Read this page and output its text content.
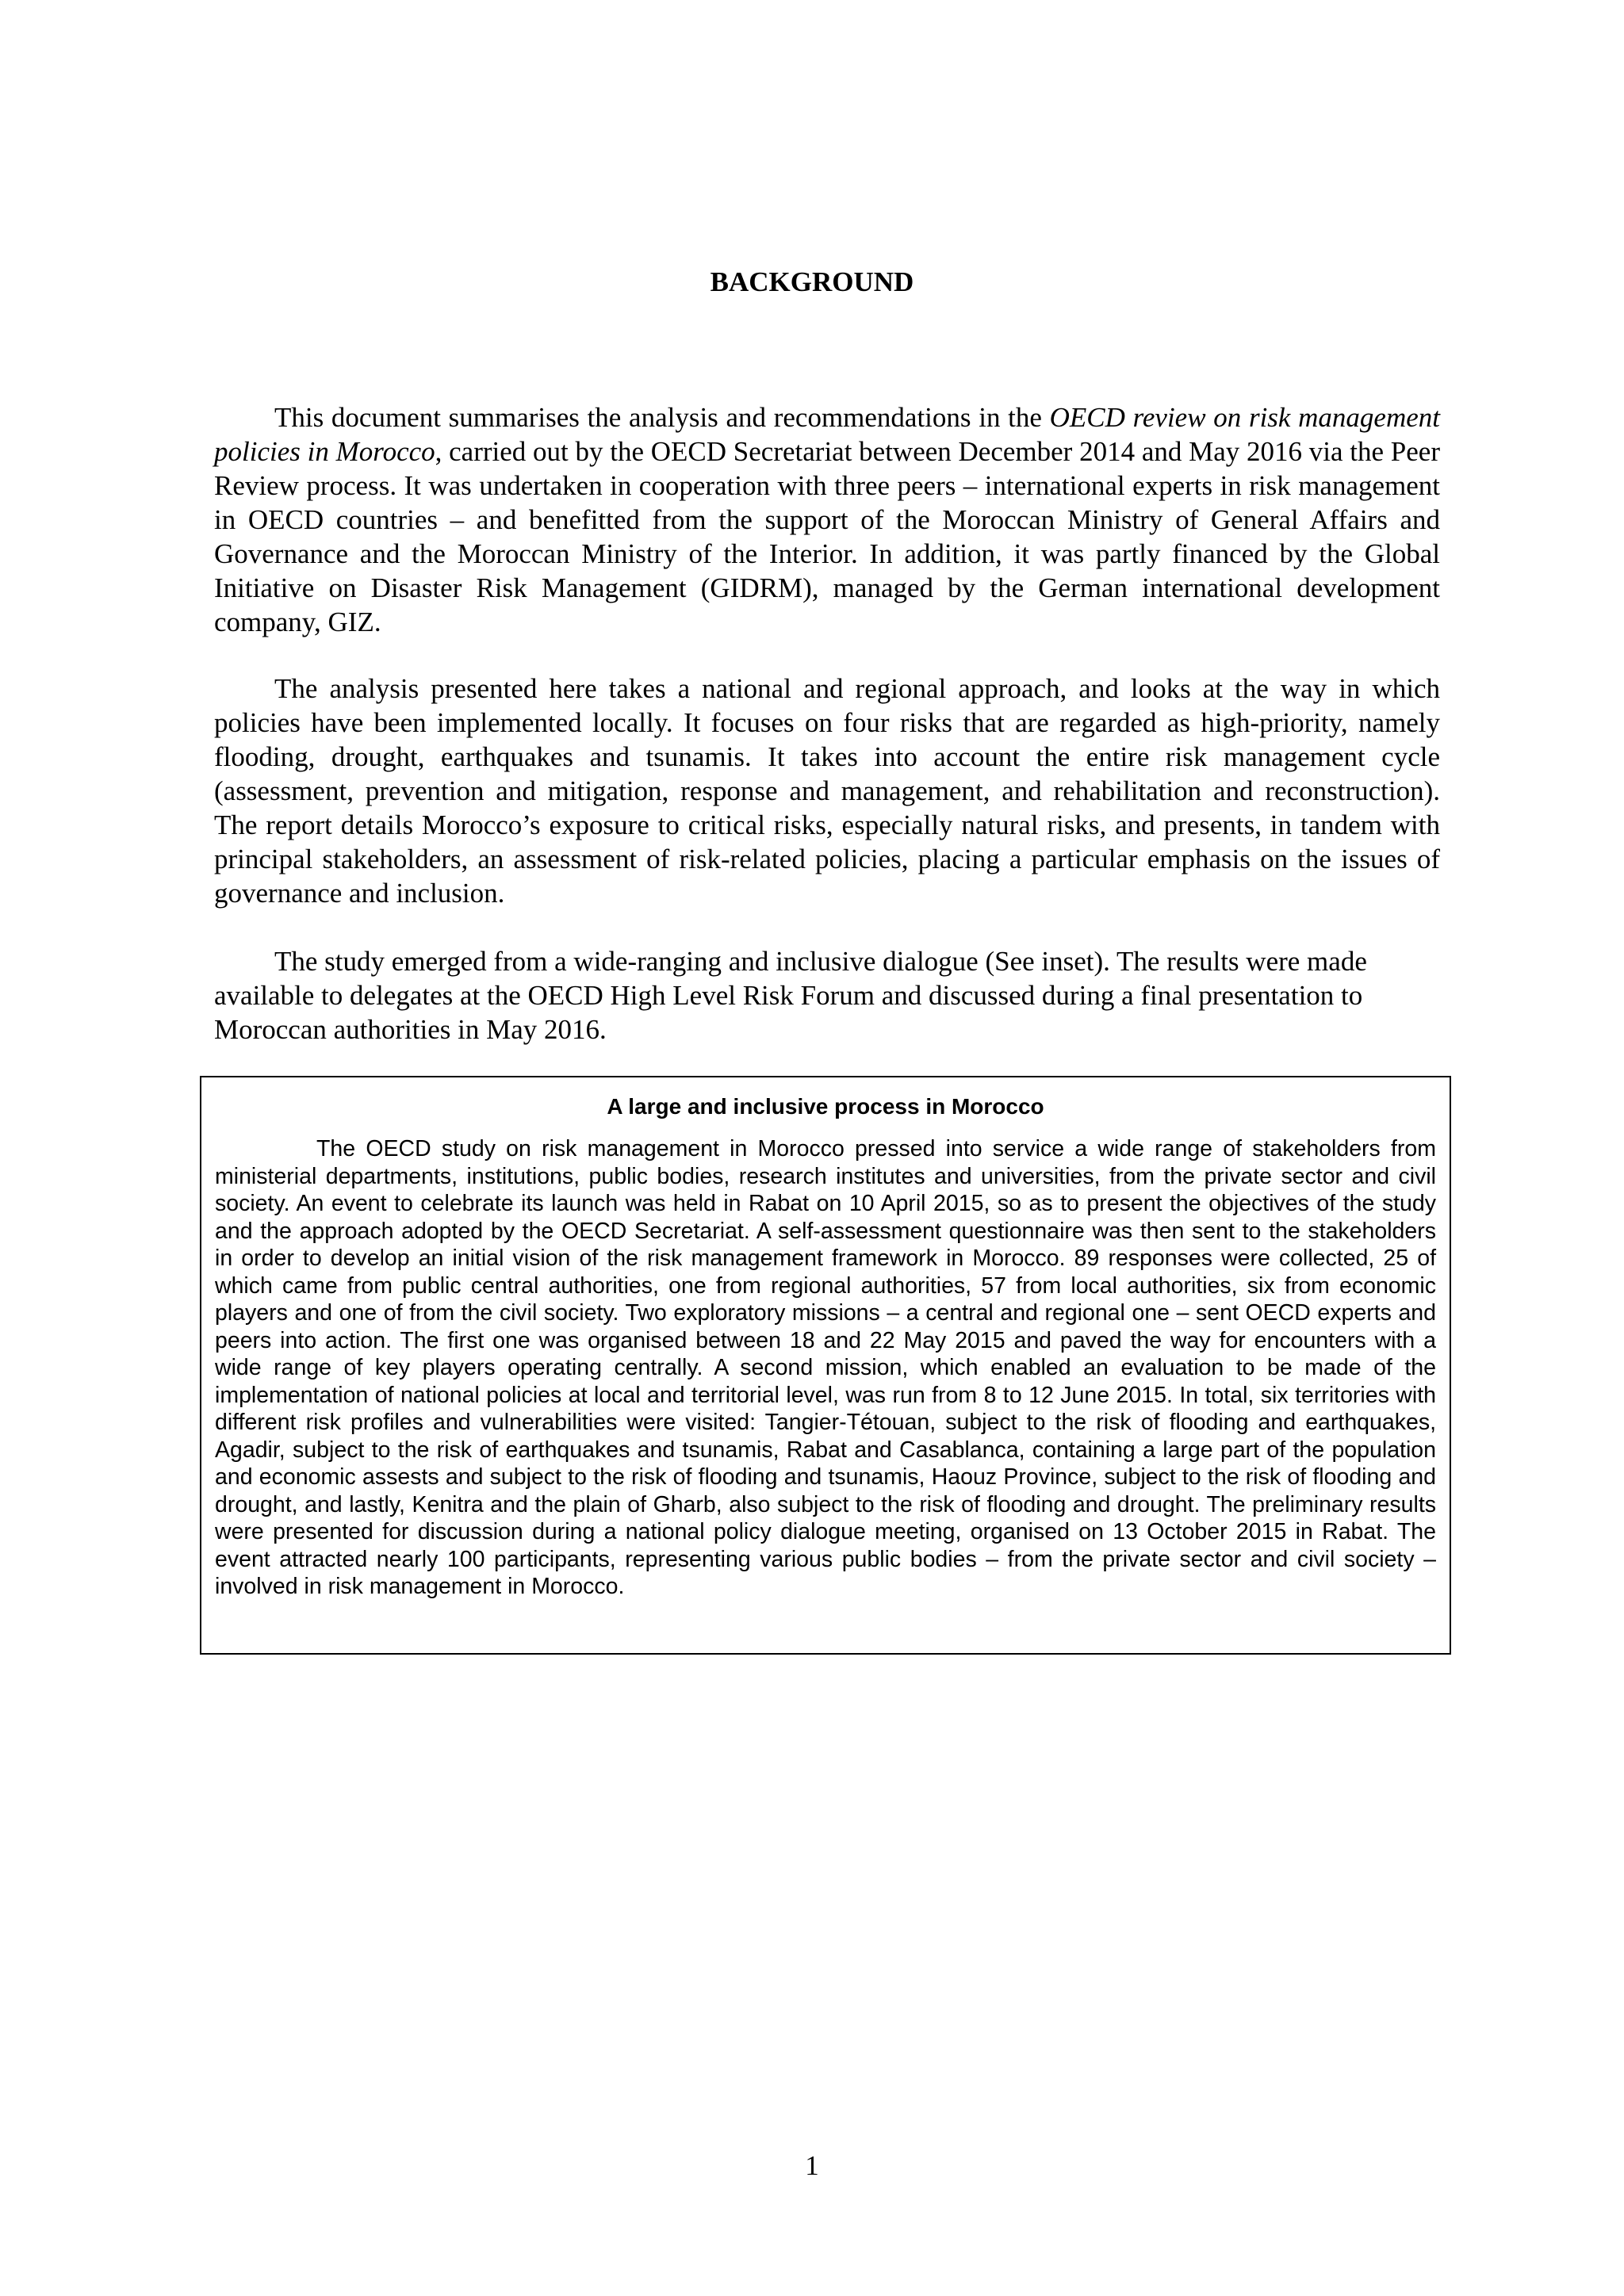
BACKGROUND

This document summarises the analysis and recommendations in the OECD review on risk management policies in Morocco, carried out by the OECD Secretariat between December 2014 and May 2016 via the Peer Review process. It was undertaken in cooperation with three peers – international experts in risk management in OECD countries – and benefitted from the support of the Moroccan Ministry of General Affairs and Governance and the Moroccan Ministry of the Interior. In addition, it was partly financed by the Global Initiative on Disaster Risk Management (GIDRM), managed by the German international development company, GIZ.

The analysis presented here takes a national and regional approach, and looks at the way in which policies have been implemented locally. It focuses on four risks that are regarded as high-priority, namely flooding, drought, earthquakes and tsunamis. It takes into account the entire risk management cycle (assessment, prevention and mitigation, response and management, and rehabilitation and reconstruction). The report details Morocco’s exposure to critical risks, especially natural risks, and presents, in tandem with principal stakeholders, an assessment of risk-related policies, placing a particular emphasis on the issues of governance and inclusion.

The study emerged from a wide-ranging and inclusive dialogue (See inset). The results were made available to delegates at the OECD High Level Risk Forum and discussed during a final presentation to Moroccan authorities in May 2016.

A large and inclusive process in Morocco

The OECD study on risk management in Morocco pressed into service a wide range of stakeholders from ministerial departments, institutions, public bodies, research institutes and universities, from the private sector and civil society. An event to celebrate its launch was held in Rabat on 10 April 2015, so as to present the objectives of the study and the approach adopted by the OECD Secretariat. A self-assessment questionnaire was then sent to the stakeholders in order to develop an initial vision of the risk management framework in Morocco. 89 responses were collected, 25 of which came from public central authorities, one from regional authorities, 57 from local authorities, six from economic players and one of from the civil society. Two exploratory missions – a central and regional one – sent OECD experts and peers into action. The first one was organised between 18 and 22 May 2015 and paved the way for encounters with a wide range of key players operating centrally. A second mission, which enabled an evaluation to be made of the implementation of national policies at local and territorial level, was run from 8 to 12 June 2015. In total, six territories with different risk profiles and vulnerabilities were visited: Tangier-Tétouan, subject to the risk of flooding and earthquakes, Agadir, subject to the risk of earthquakes and tsunamis, Rabat and Casablanca, containing a large part of the population and economic assests and subject to the risk of flooding and tsunamis, Haouz Province, subject to the risk of flooding and drought, and lastly, Kenitra and the plain of Gharb, also subject to the risk of flooding and drought. The preliminary results were presented for discussion during a national policy dialogue meeting, organised on 13 October 2015 in Rabat. The event attracted nearly 100 participants, representing various public bodies – from the private sector and civil society – involved in risk management in Morocco.

1
